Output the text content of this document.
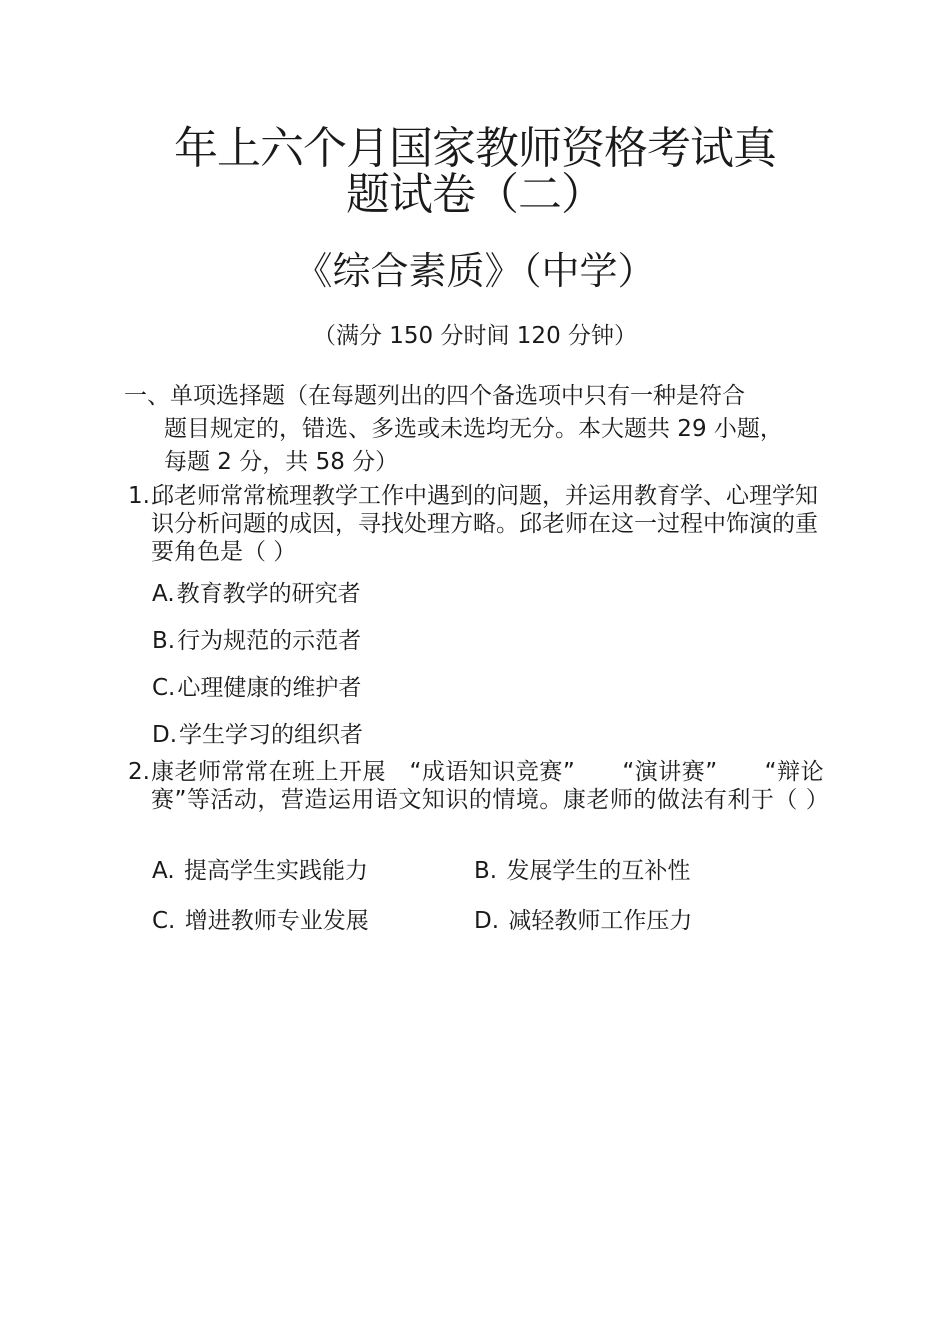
年上六个月国家教师资格考试真
题试卷（二）
《综合素质》（中学）
（满分 150 分时间 120 分钟）
一、单项选择题（在每题列出的四个备选项中只有一种是符合
题目规定的，错选、多选或未选均无分。本大题共 29 小题，
每题 2 分，共 58 分）
1. 邱老师常常梳理教学工作中遇到的问题，并运用教育学、心理学知识分析问题的成因，寻找处理方略。邱老师在这一过程中饰演的重要角色是（ ）
A.教育教学的研究者
B.行为规范的示范者
C.心理健康的维护者
D.学生学习的组织者
2. 康老师常常在班上开展　“成语知识竞赛”　　“演讲赛”　　“辩论赛”等活动，营造运用语文知识的情境。康老师的做法有利于（ ）
A. 提高学生实践能力	B. 发展学生的互补性
C. 增进教师专业发展	D. 减轻教师工作压力
